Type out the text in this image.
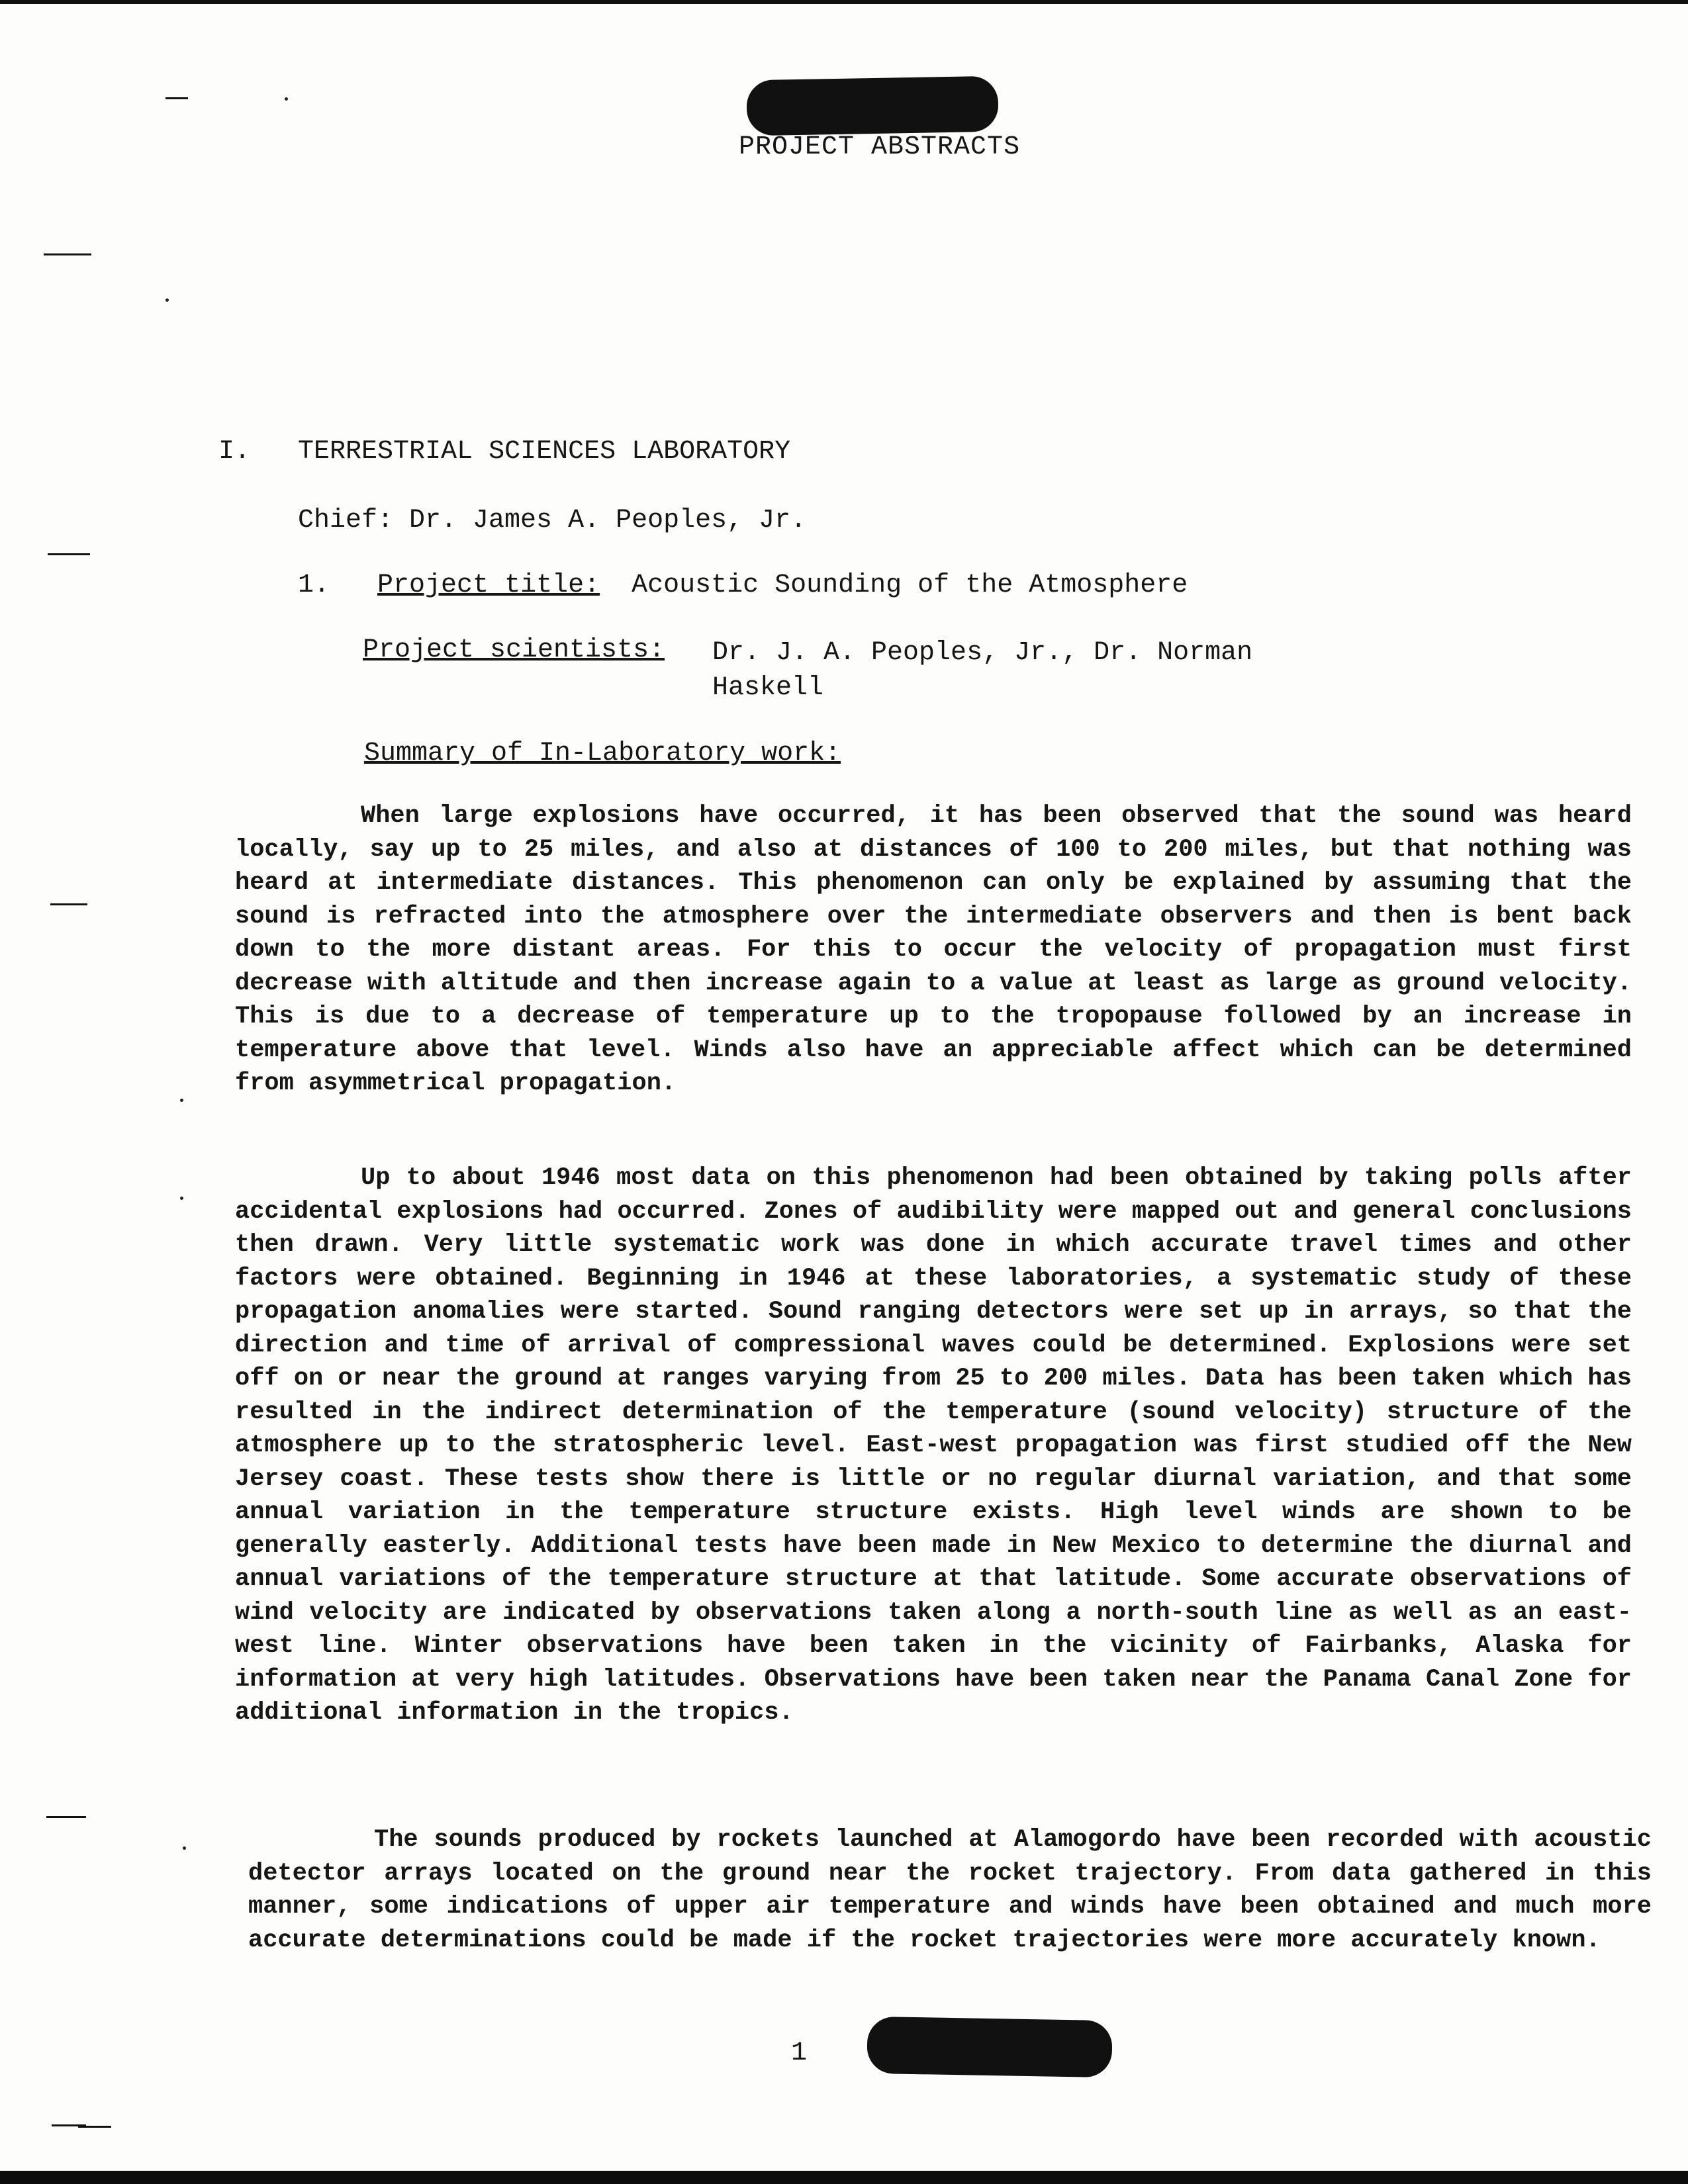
PROJECT ABSTRACTS
I. TERRESTRIAL SCIENCES LABORATORY
Chief: Dr. James A. Peoples, Jr.
1. Project title: Acoustic Sounding of the Atmosphere
Project scientists: Dr. J. A. Peoples, Jr., Dr. Norman Haskell
Summary of In-Laboratory work:
When large explosions have occurred, it has been observed that the sound was heard locally, say up to 25 miles, and also at distances of 100 to 200 miles, but that nothing was heard at intermediate distances. This phenomenon can only be explained by assuming that the sound is refracted into the atmosphere over the intermediate observers and then is bent back down to the more distant areas. For this to occur the velocity of propagation must first decrease with altitude and then increase again to a value at least as large as ground velocity. This is due to a decrease of temperature up to the tropopause followed by an increase in temperature above that level. Winds also have an appreciable affect which can be determined from asymmetrical propagation.
Up to about 1946 most data on this phenomenon had been obtained by taking polls after accidental explosions had occurred. Zones of audibility were mapped out and general conclusions then drawn. Very little systematic work was done in which accurate travel times and other factors were obtained. Beginning in 1946 at these laboratories, a systematic study of these propagation anomalies were started. Sound ranging detectors were set up in arrays, so that the direction and time of arrival of compressional waves could be determined. Explosions were set off on or near the ground at ranges varying from 25 to 200 miles. Data has been taken which has resulted in the indirect determination of the temperature (sound velocity) structure of the atmosphere up to the stratospheric level. East-west propagation was first studied off the New Jersey coast. These tests show there is little or no regular diurnal variation, and that some annual variation in the temperature structure exists. High level winds are shown to be generally easterly. Additional tests have been made in New Mexico to determine the diurnal and annual variations of the temperature structure at that latitude. Some accurate observations of wind velocity are indicated by observations taken along a north-south line as well as an east-west line. Winter observations have been taken in the vicinity of Fairbanks, Alaska for information at very high latitudes. Observations have been taken near the Panama Canal Zone for additional information in the tropics.
The sounds produced by rockets launched at Alamogordo have been recorded with acoustic detector arrays located on the ground near the rocket trajectory. From data gathered in this manner, some indications of upper air temperature and winds have been obtained and much more accurate determinations could be made if the rocket trajectories were more accurately known.
1
